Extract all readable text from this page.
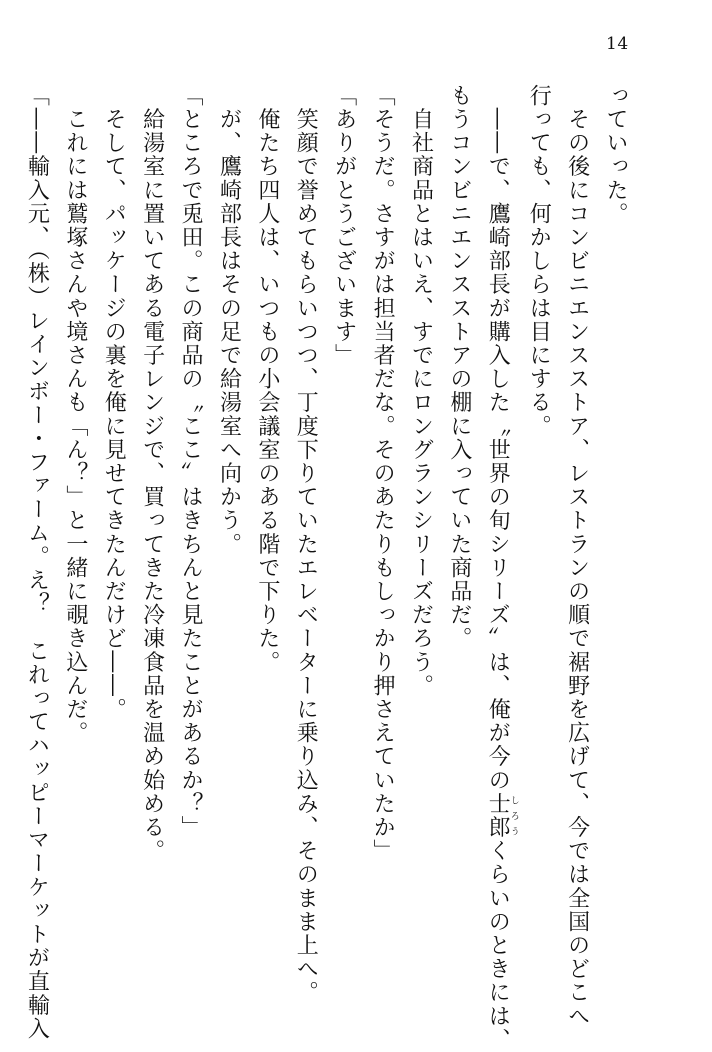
14

っていった。

　その後にコンビニエンスストア、レストランの順で裾野を広げて、今では全国のどこへ

行っても、何かしらは目にする。

　――で、鷹崎部長が購入した〝世界の旬シリーズ〟は、俺が今の士郎しろうくらいのときには、

もうコンビニエンスストアの棚に入っていた商品だ。

　自社商品とはいえ、すでにロングランシリーズだろう。

「そうだ。さすがは担当者だな。そのあたりもしっかり押さえていたか」

「ありがとうございます」

　笑顔で誉めてもらいつつ、丁度下りていたエレベーターに乗り込み、そのまま上へ。

　俺たち四人は、いつもの小会議室のある階で下りた。

　が、鷹崎部長はその足で給湯室へ向かう。

「ところで兎田。この商品の〝ここ〟はきちんと見たことがあるか？」

　給湯室に置いてある電子レンジで、買ってきた冷凍食品を温め始める。

　そして、パッケージの裏を俺に見せてきたんだけど――。

　これには鷲塚さんや境さんも「ん？」と一緒に覗き込んだ。

「――輸入元、（株）レインボー・ファーム。え？　これってハッピーマーケットが直輸入
